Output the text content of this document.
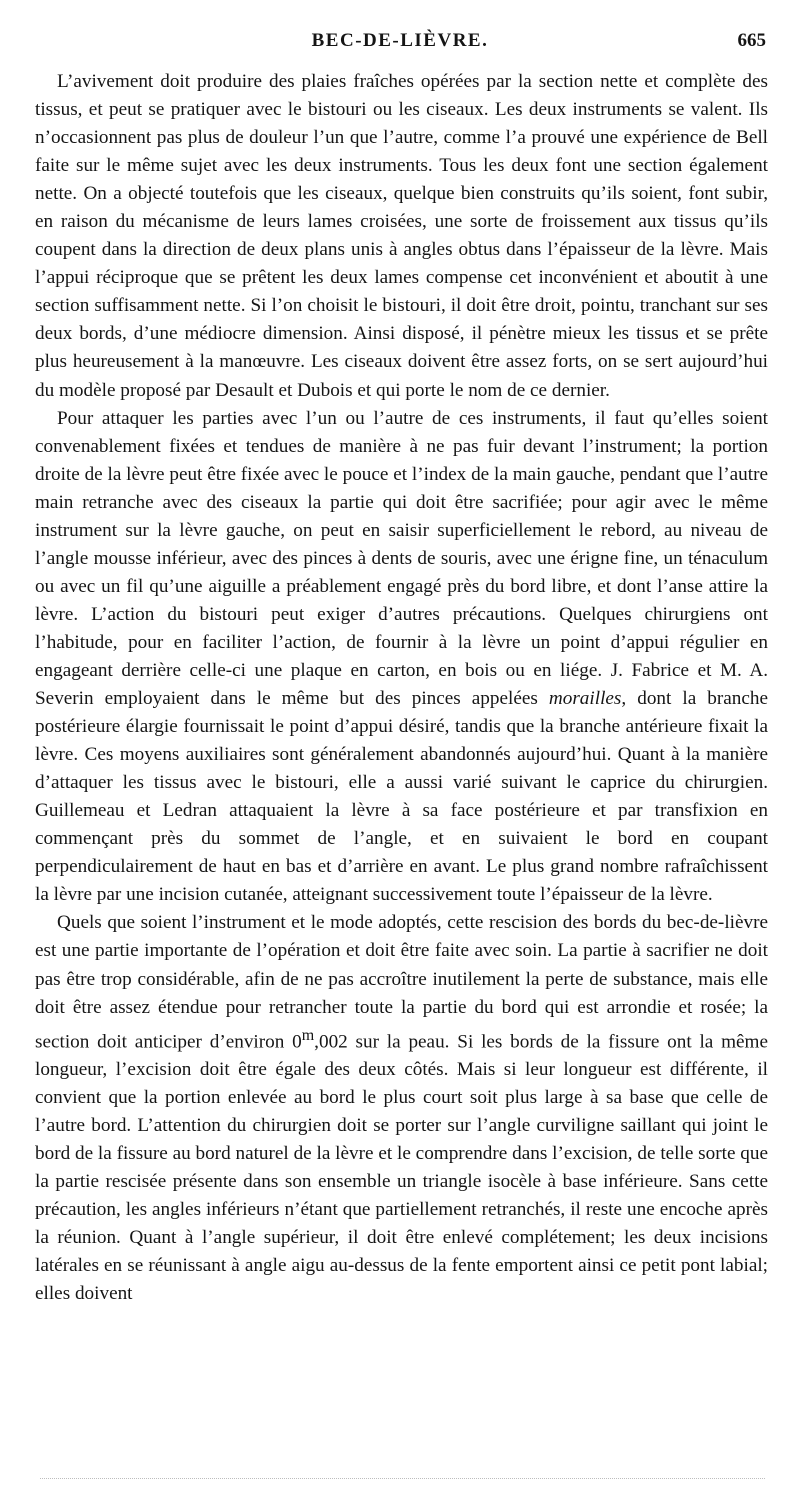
BEC-DE-LIÈVRE.	665

L’avivement doit produire des plaies fraîches opérées par la section nette et complète des tissus, et peut se pratiquer avec le bistouri ou les ciseaux. Les deux instruments se valent. Ils n’occasionnent pas plus de douleur l’un que l’autre, comme l’a prouvé une expérience de Bell faite sur le même sujet avec les deux instruments. Tous les deux font une section également nette. On a objecté toutefois que les ciseaux, quelque bien construits qu’ils soient, font subir, en raison du mécanisme de leurs lames croisées, une sorte de froissement aux tissus qu’ils coupent dans la direction de deux plans unis à angles obtus dans l’épaisseur de la lèvre. Mais l’appui réciproque que se prêtent les deux lames compense cet inconvénient et aboutit à une section suffisamment nette. Si l’on choisit le bistouri, il doit être droit, pointu, tranchant sur ses deux bords, d’une médiocre dimension. Ainsi disposé, il pénètre mieux les tissus et se prête plus heureusement à la manœuvre. Les ciseaux doivent être assez forts, on se sert aujourd’hui du modèle proposé par Desault et Dubois et qui porte le nom de ce dernier.

Pour attaquer les parties avec l’un ou l’autre de ces instruments, il faut qu’elles soient convenablement fixées et tendues de manière à ne pas fuir devant l’instrument; la portion droite de la lèvre peut être fixée avec le pouce et l’index de la main gauche, pendant que l’autre main retranche avec des ciseaux la partie qui doit être sacrifiée; pour agir avec le même instrument sur la lèvre gauche, on peut en saisir superficiellement le rebord, au niveau de l’angle mousse inférieur, avec des pinces à dents de souris, avec une érigne fine, un ténaculum ou avec un fil qu’une aiguille a préablement engagé près du bord libre, et dont l’anse attire la lèvre. L’action du bistouri peut exiger d’autres précautions. Quelques chirurgiens ont l’habitude, pour en faciliter l’action, de fournir à la lèvre un point d’appui régulier en engageant derrière celle-ci une plaque en carton, en bois ou en liége. J. Fabrice et M. A. Severin employaient dans le même but des pinces appelées morailles, dont la branche postérieure élargie fournissait le point d’appui désiré, tandis que la branche antérieure fixait la lèvre. Ces moyens auxiliaires sont généralement abandonnés aujourd’hui. Quant à la manière d’attaquer les tissus avec le bistouri, elle a aussi varié suivant le caprice du chirurgien. Guillemeau et Ledran attaquaient la lèvre à sa face postérieure et par transfixion en commençant près du sommet de l’angle, et en suivaient le bord en coupant perpendiculairement de haut en bas et d’arrière en avant. Le plus grand nombre rafraîchissent la lèvre par une incision cutanée, atteignant successivement toute l’épaisseur de la lèvre.

Quels que soient l’instrument et le mode adoptés, cette rescision des bords du bec-de-lièvre est une partie importante de l’opération et doit être faite avec soin. La partie à sacrifier ne doit pas être trop considérable, afin de ne pas accroître inutilement la perte de substance, mais elle doit être assez étendue pour retrancher toute la partie du bord qui est arrondie et rosée; la section doit anticiper d’environ 0$^m$,002 sur la peau. Si les bords de la fissure ont la même longueur, l’excision doit être égale des deux côtés. Mais si leur longueur est différente, il convient que la portion enlevée au bord le plus court soit plus large à sa base que celle de l’autre bord. L’attention du chirurgien doit se porter sur l’angle curviligne saillant qui joint le bord de la fissure au bord naturel de la lèvre et le comprendre dans l’excision, de telle sorte que la partie rescisée présente dans son ensemble un triangle isocèle à base inférieure. Sans cette précaution, les angles inférieurs n’étant que partiellement retranchés, il reste une encoche après la réunion. Quant à l’angle supérieur, il doit être enlevé complétement; les deux incisions latérales en se réunissant à angle aigu au-dessus de la fente emportent ainsi ce petit pont labial; elles doivent
